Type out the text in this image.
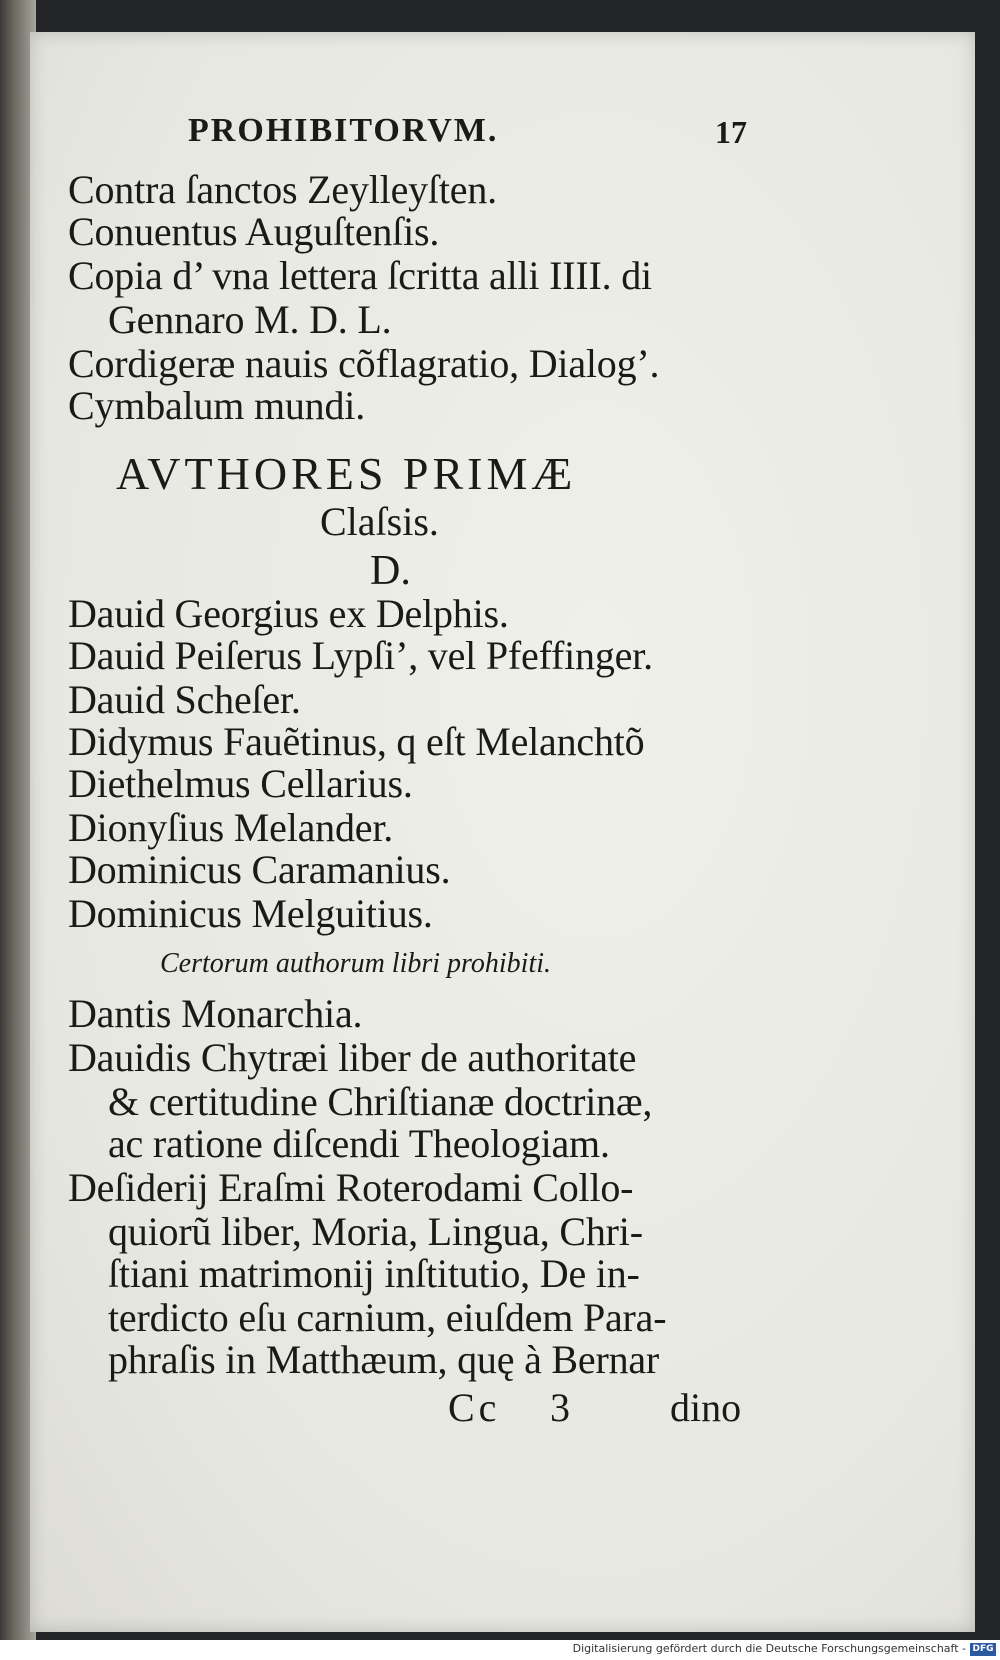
PROHIBITORVM.	17
Contra ſanctos Zeylleyſten.
Conuentus Auguſtenſis.
Copia d’ vna lettera ſcritta alli IIII. di
Gennaro M. D. L.
Cordigeræ nauis cõflagratio, Dialog’.
Cymbalum mundi.
AVTHORES PRIMÆ
Claſsis.
D.
Dauid Georgius ex Delphis.
Dauid Peiſerus Lypſi’, vel Pfeffinger.
Dauid Scheſer.
Didymus Fauẽtinus, q eſt Melanchtõ
Diethelmus Cellarius.
Dionyſius Melander.
Dominicus Caramanius.
Dominicus Melguitius.
Certorum authorum libri prohibiti.
Dantis Monarchia.
Dauidis Chytræi liber de authoritate
& certitudine Chriſtianæ doctrinæ,
ac ratione diſcendi Theologiam.
Deſiderij Eraſmi Roterodami Collo-
quiorũ liber, Moria, Lingua, Chri-
ſtiani matrimonij inſtitutio, De in-
terdicto eſu carnium, eiuſdem Para-
phraſis in Matthæum, quę à Bernar
Cc 3	dino
Digitalisierung gefördert durch die Deutsche Forschungsgemeinschaft - DFG
